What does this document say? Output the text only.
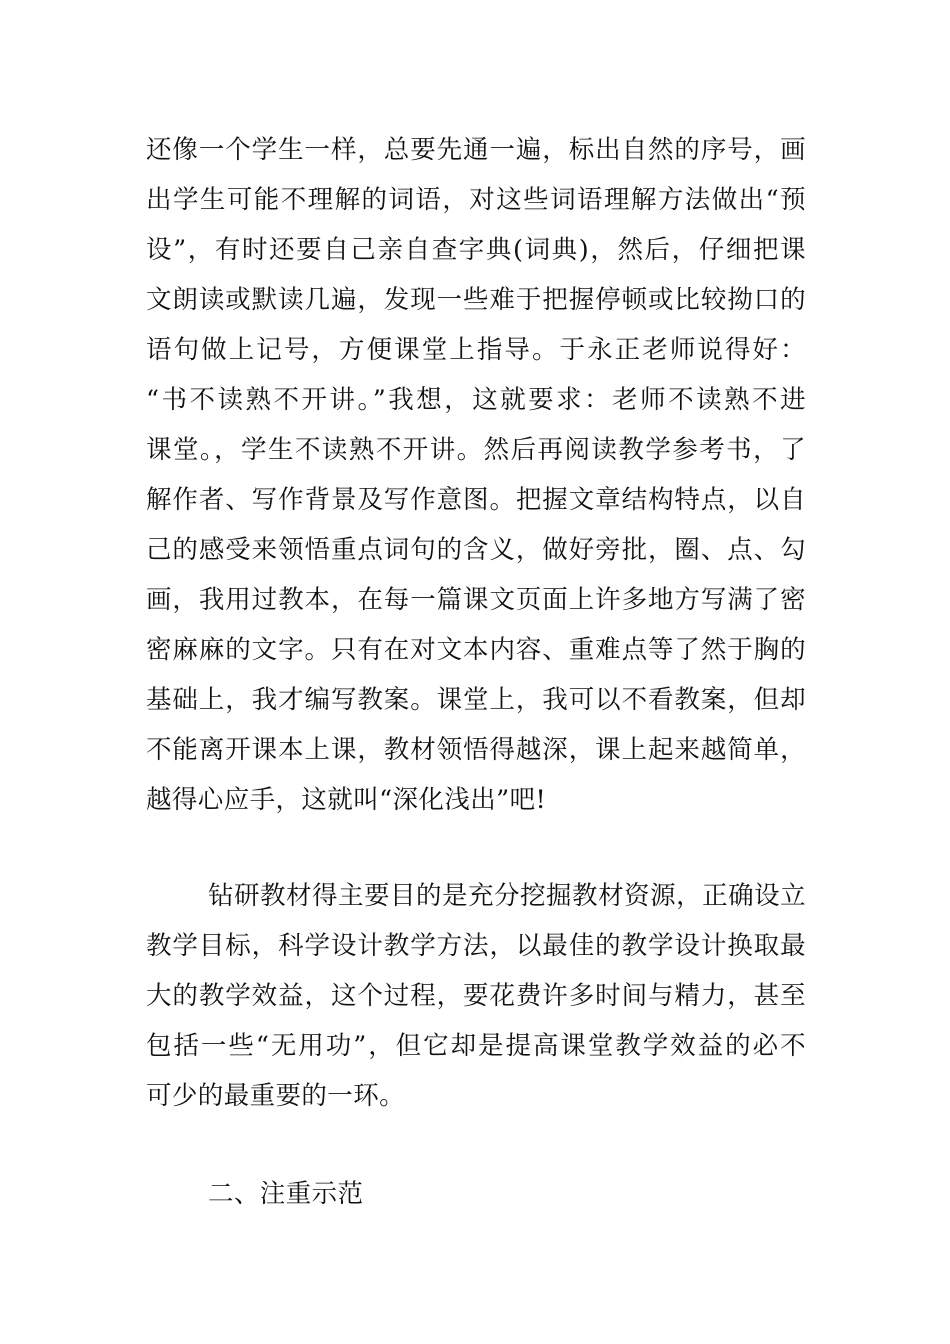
还像一个学生一样，总要先通一遍，标出自然的序号，画
出学生可能不理解的词语，对这些词语理解方法做出“预
设”，有时还要自己亲自查字典(词典)，然后，仔细把课
文朗读或默读几遍，发现一些难于把握停顿或比较拗口的
语句做上记号，方便课堂上指导。于永正老师说得好：
“书不读熟不开讲。”我想，这就要求：老师不读熟不进
课堂。，学生不读熟不开讲。然后再阅读教学参考书，了
解作者、写作背景及写作意图。把握文章结构特点，以自
己的感受来领悟重点词句的含义，做好旁批，圈、点、勾
画，我用过教本，在每一篇课文页面上许多地方写满了密
密麻麻的文字。只有在对文本内容、重难点等了然于胸的
基础上，我才编写教案。课堂上，我可以不看教案，但却
不能离开课本上课，教材领悟得越深，课上起来越简单，
越得心应手，这就叫“深化浅出”吧!
钻研教材得主要目的是充分挖掘教材资源，正确设立
教学目标，科学设计教学方法，以最佳的教学设计换取最
大的教学效益，这个过程，要花费许多时间与精力，甚至
包括一些“无用功”，但它却是提高课堂教学效益的必不
可少的最重要的一环。
二、注重示范
